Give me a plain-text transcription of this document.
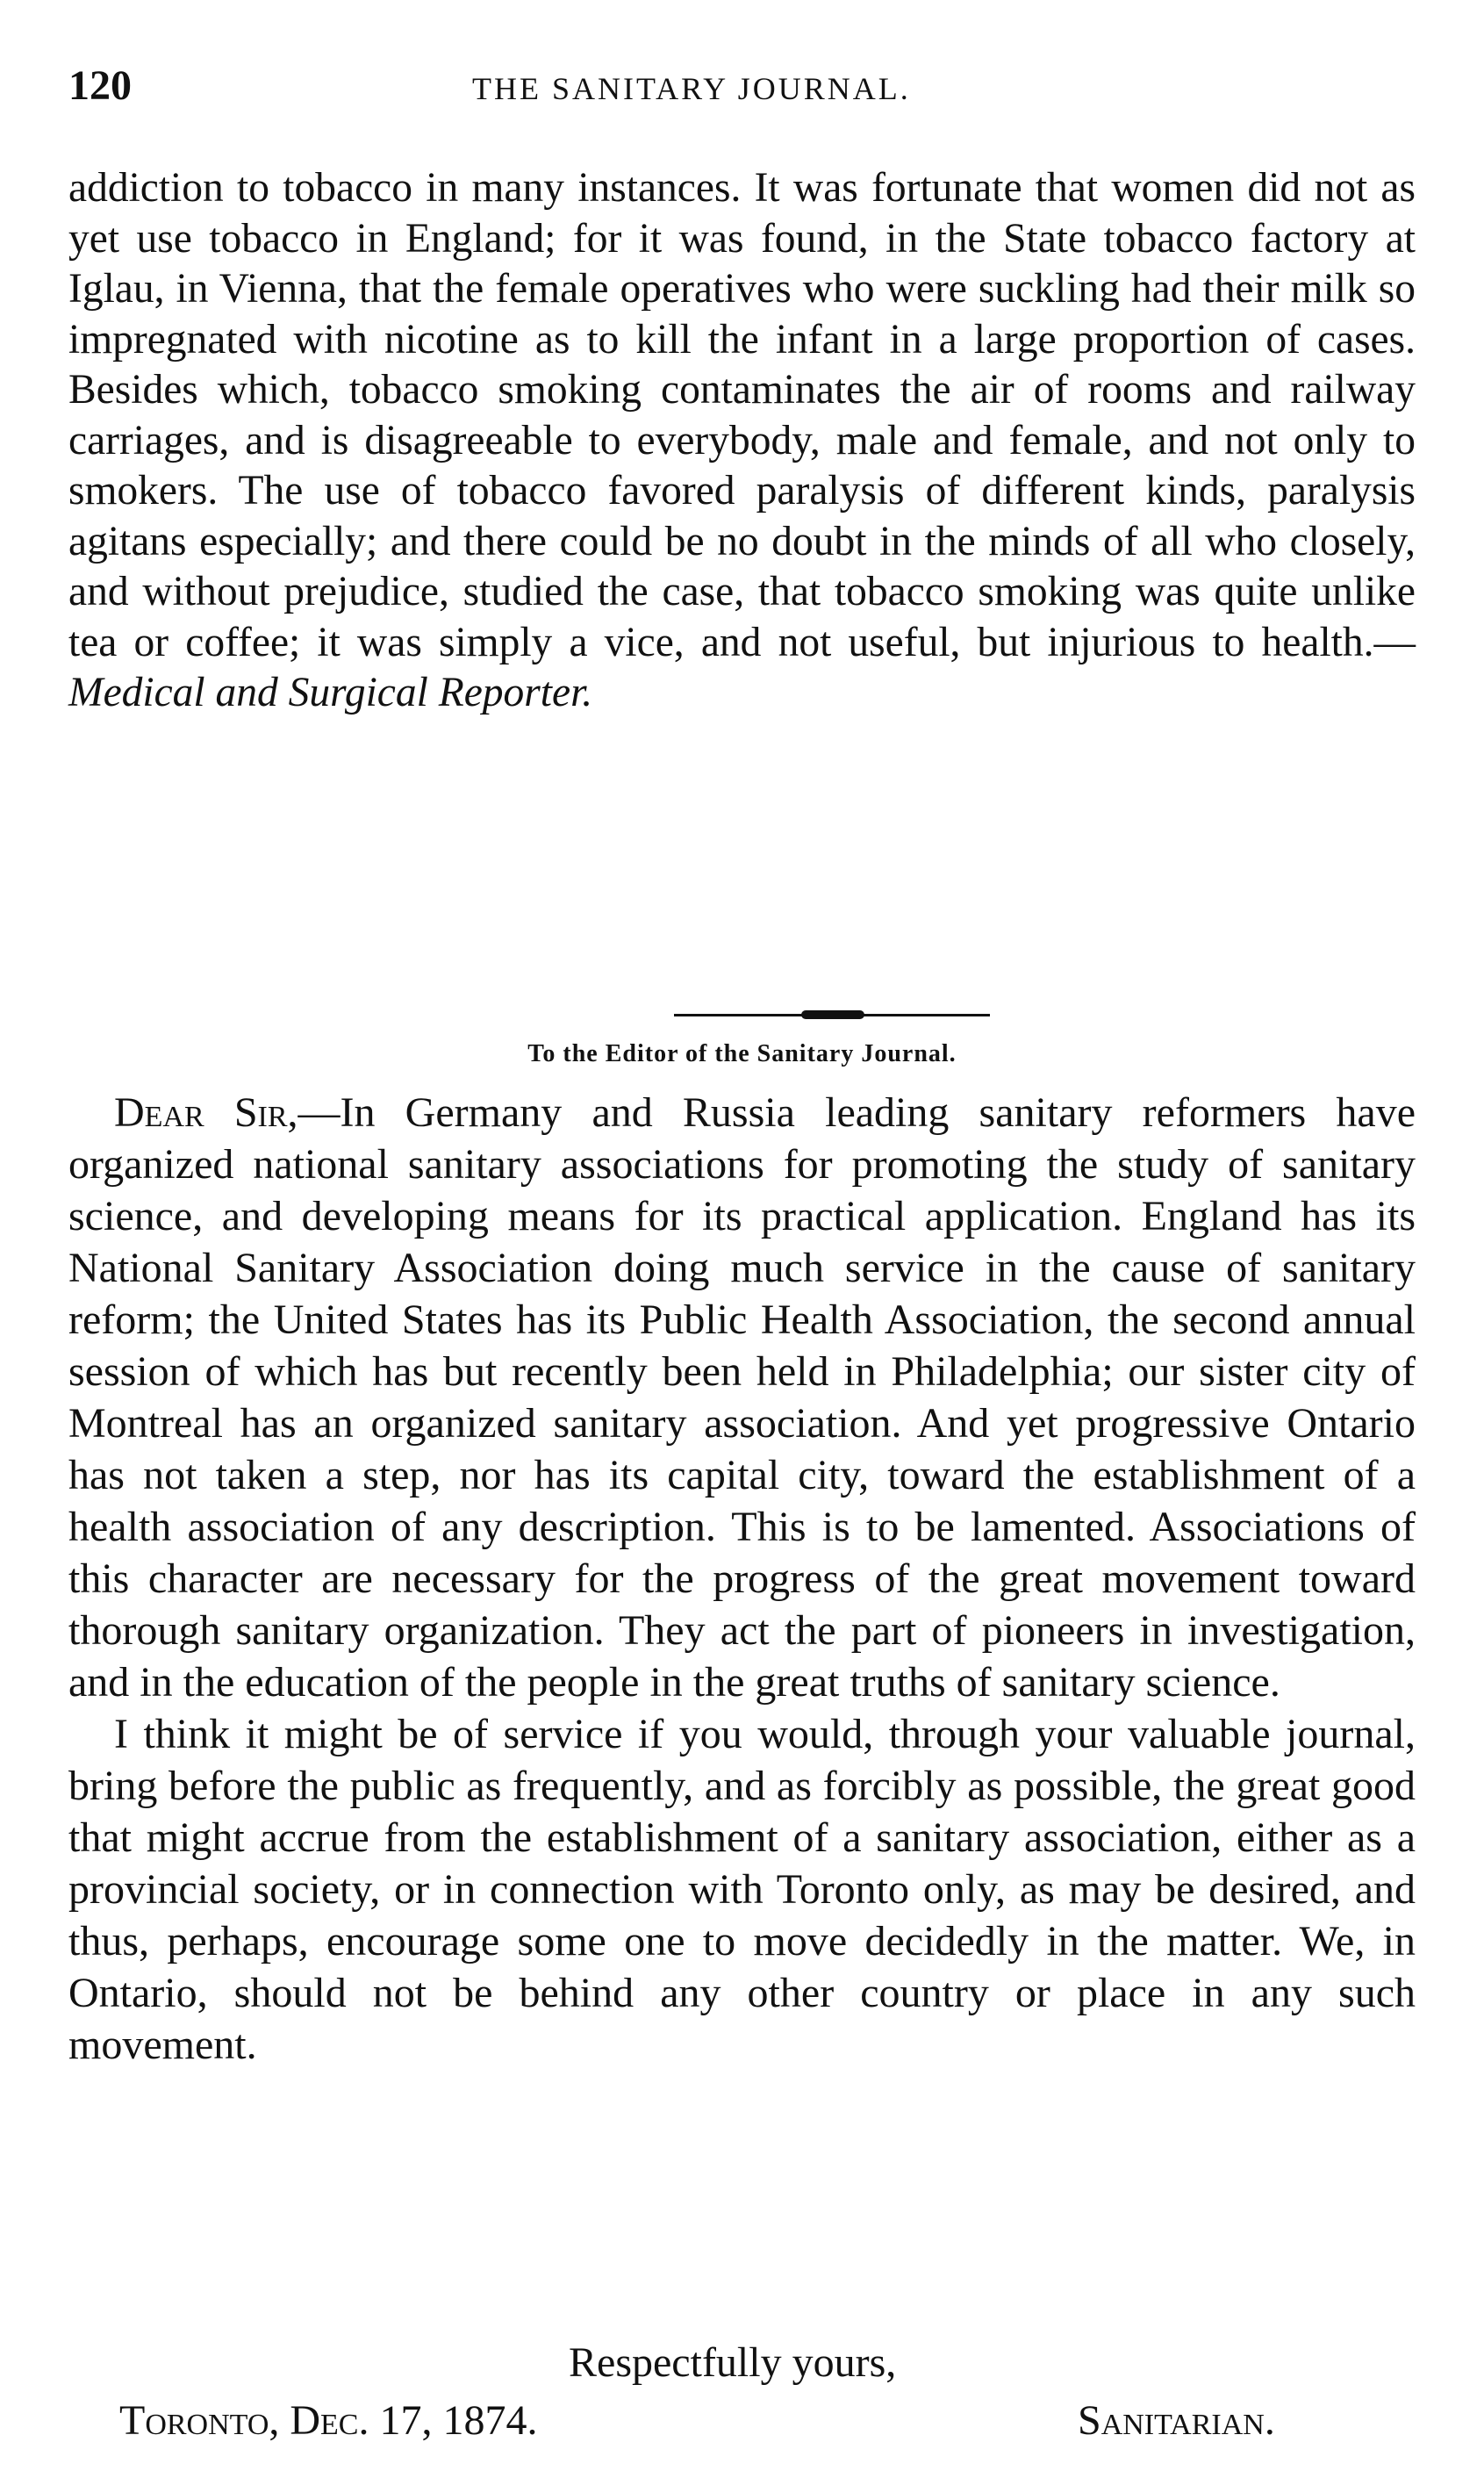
120	THE SANITARY JOURNAL.

addiction to tobacco in many instances. It was fortunate that women did not as yet use tobacco in England; for it was found, in the State tobacco factory at Iglau, in Vienna, that the female operatives who were suckling had their milk so impregnated with nicotine as to kill the infant in a large proportion of cases. Besides which, tobacco smoking contaminates the air of rooms and railway carriages, and is disagreeable to everybody, male and female, and not only to smokers. The use of tobacco favored paralysis of different kinds, paralysis agitans especially; and there could be no doubt in the minds of all who closely, and without prejudice, studied the case, that tobacco smoking was quite unlike tea or coffee; it was simply a vice, and not useful, but injurious to health.— Medical and Surgical Reporter.

To the Editor of the Sanitary Journal.

Dear Sir,—In Germany and Russia leading sanitary reformers have organized national sanitary associations for promoting the study of sanitary science, and developing means for its practical application. England has its National Sanitary Association doing much service in the cause of sanitary reform; the United States has its Public Health Association, the second annual session of which has but recently been held in Philadelphia; our sister city of Montreal has an organized sanitary association. And yet progressive Ontario has not taken a step, nor has its capital city, toward the establishment of a health association of any description. This is to be lamented. Associations of this character are necessary for the progress of the great movement toward thorough sanitary organization. They act the part of pioneers in investigation, and in the education of the people in the great truths of sanitary science.

I think it might be of service if you would, through your valuable journal, bring before the public as frequently, and as forcibly as possible, the great good that might accrue from the establishment of a sanitary association, either as a provincial society, or in connection with Toronto only, as may be desired, and thus, perhaps, encourage some one to move decidedly in the matter. We, in Ontario, should not be behind any other country or place in any such movement.

Respectfully yours,
Toronto, Dec. 17, 1874.	Sanitarian.
